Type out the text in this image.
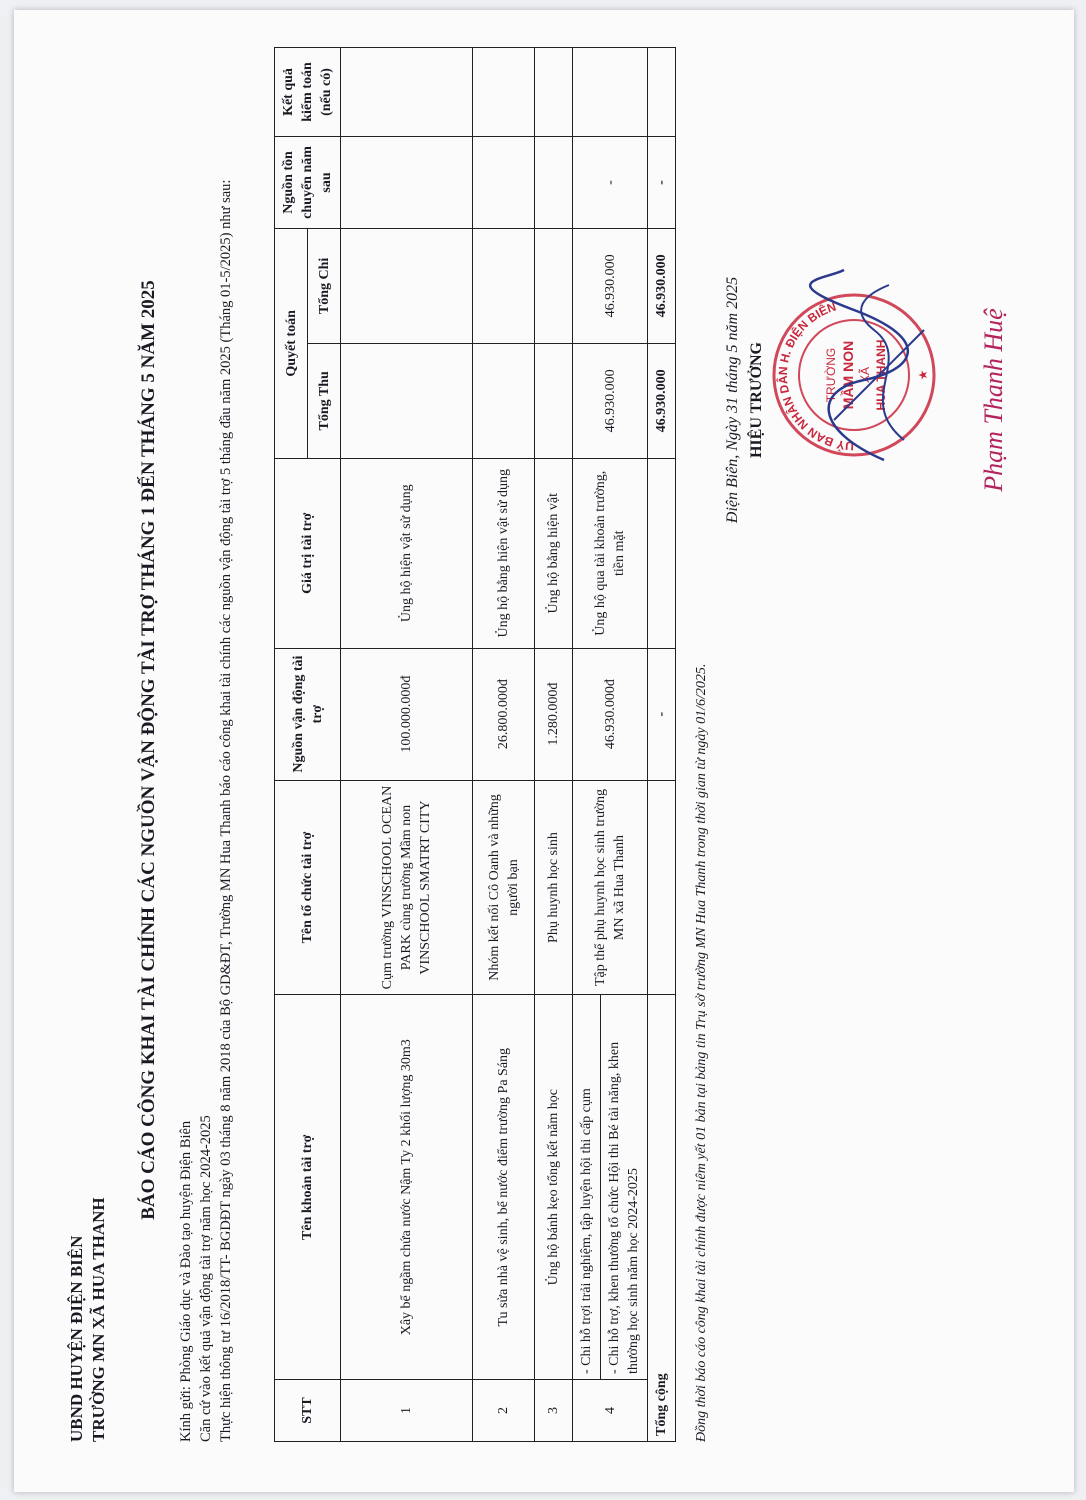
UBND HUYỆN ĐIỆN BIÊN TRƯỜNG MN XÃ HUA THANH
BÁO CÁO CÔNG KHAI TÀI CHÍNH CÁC NGUỒN VẬN ĐỘNG TÀI TRỢ THÁNG 1 ĐẾN THÁNG 5 NĂM 2025
Kính gửi: Phòng Giáo dục và Đào tạo huyện Điện Biên Căn cứ vào kết quả vận động tài trợ năm học 2024-2025 Thực hiện thông tư 16/2018/TT- BGDĐT ngày 03 tháng 8 năm 2018 của Bộ GD&ĐT, Trường MN Hua Thanh báo cáo công khai tài chính các nguồn vận động tài trợ 5 tháng đầu năm 2025 (Tháng 01-5/2025) như sau:	STT	Tên khoản tài trợ	Tên tổ chức tài trợ	Nguồn vận động tài trợ	Giá trị tài trợ	Quyết toán		Nguồn tồn chuyển năm sau	Kết quả kiểm toán (nếu có)
					Tổng Thu	Tổng Chi		
1	Xây bể ngầm chứa nước Nậm Ty 2 khối lượng 30m3	Cụm trường VINSCHOOL OCEAN PARK cùng trường Mầm non VINSCHOOL SMATRT CITY	100.000.000đ	Ủng hộ hiện vật sử dụng				
2	Tu sửa nhà vệ sinh, bể nước điểm trường Pa Sáng	Nhóm kết nối Cô Oanh và những người bạn	26.800.000đ	Ủng hộ bằng hiện vật sử dụng				
3	Ủng hộ bánh kẹo tổng kết năm học	Phụ huynh học sinh	1.280.000đ	Ủng hộ bằng hiện vật				
4	- Chi hỗ trợi trải nghiệm, tập luyện hội thi cấp cụm	Tập thể phụ huynh học sinh trường MN xã Hua Thanh	46.930.000đ	Ủng hộ qua tài khoản trường, tiền mặt	46.930.000	46.930.000	-	
	- Chi hỗ trợ, khen thưởng tổ chức Hội thi Bé tài năng, khen thưởng học sinh năm học 2024-2025							
Tổng cộng			-		46.930.000	46.930.000	-	
Đồng thời báo cáo công khai tài chính được niêm yết 01 bản tại bảng tin Trụ sở trường MN Hua Thanh trong thời gian từ ngày 01/6/2025.
Điện Biên, Ngày 31 tháng 5 năm 2025 HIỆU TRƯỞNG	UỶ BAN NHÂN DÂN H. ĐIỆN BIÊN
TRƯỜNG MẦM NON XÃ HUA THANH ★ Phạm Thanh Huệ
